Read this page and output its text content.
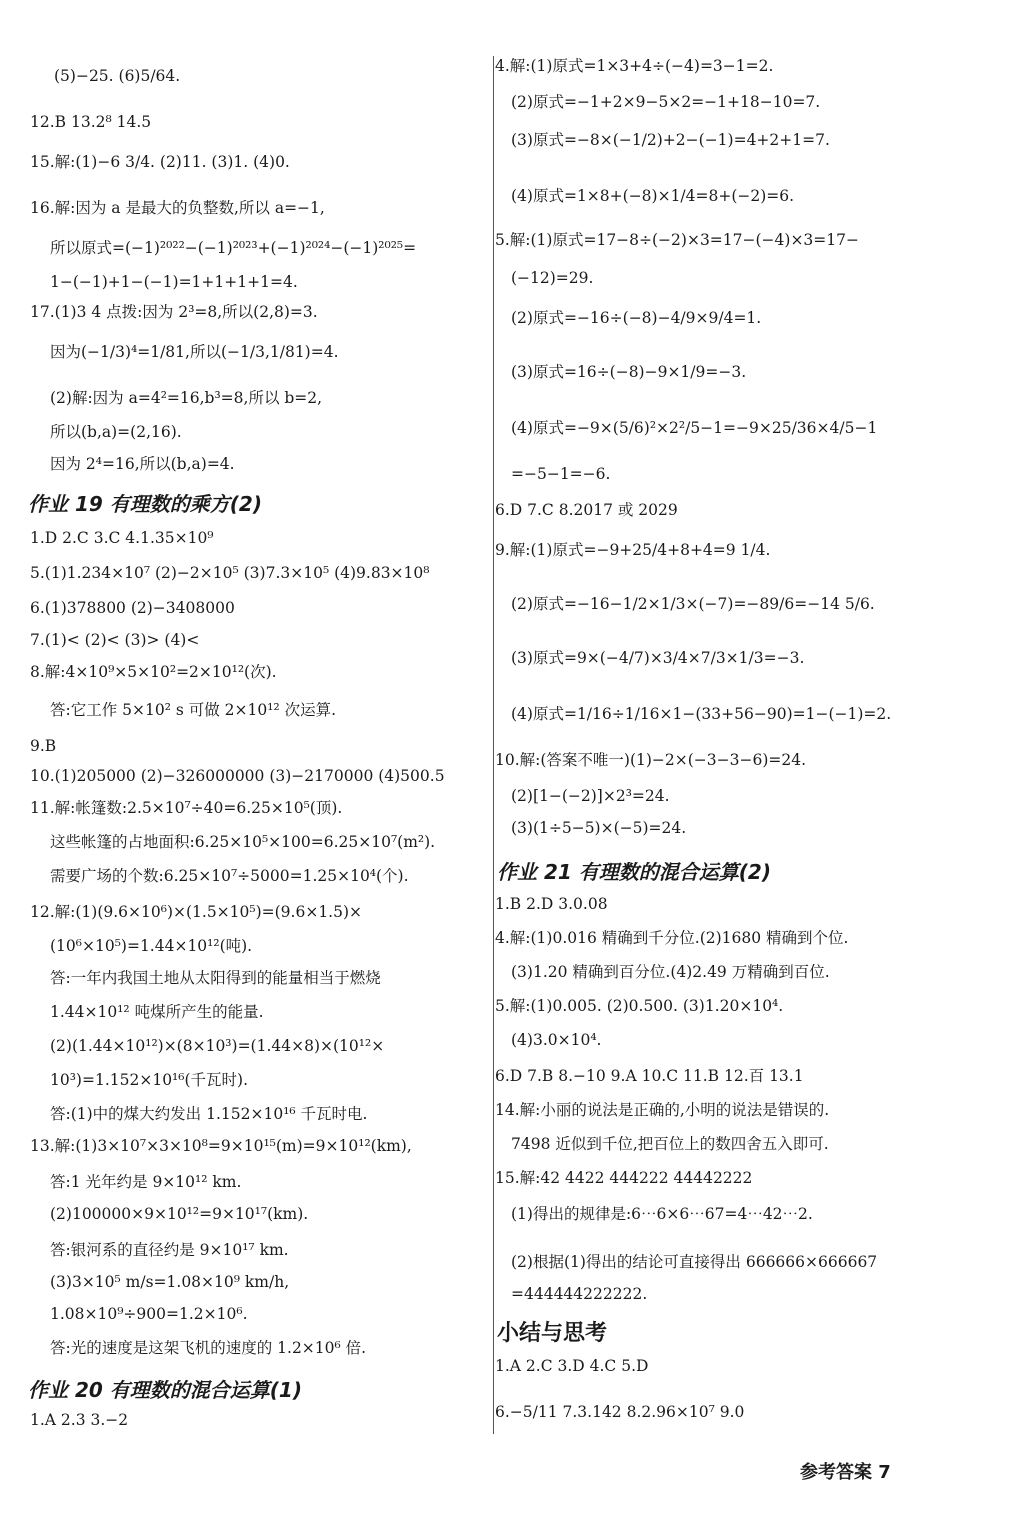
(5)−25. (6)5/64.
12.B 13.2⁸ 14.5
15.解:(1)−6 3/4. (2)11. (3)1. (4)0.
16.解:因为 a 是最大的负整数,所以 a=−1,
所以原式=(−1)²⁰²²−(−1)²⁰²³+(−1)²⁰²⁴−(−1)²⁰²⁵=
1−(−1)+1−(−1)=1+1+1+1=4.
17.(1)3 4 点拨:因为 2³=8,所以(2,8)=3.
因为(−1/3)⁴=1/81,所以(−1/3,1/81)=4.
(2)解:因为 a=4²=16,b³=8,所以 b=2,
所以(b,a)=(2,16).
因为 2⁴=16,所以(b,a)=4.
1.D 2.C 3.C 4.1.35×10⁹
5.(1)1.234×10⁷ (2)−2×10⁵ (3)7.3×10⁵ (4)9.83×10⁸
6.(1)378800 (2)−3408000
7.(1)< (2)< (3)> (4)<
8.解:4×10⁹×5×10²=2×10¹²(次).
答:它工作 5×10² s 可做 2×10¹² 次运算.
9.B
10.(1)205000 (2)−326000000 (3)−2170000 (4)500.5
11.解:帐篷数:2.5×10⁷÷40=6.25×10⁵(顶).
这些帐篷的占地面积:6.25×10⁵×100=6.25×10⁷(m²).
需要广场的个数:6.25×10⁷÷5000=1.25×10⁴(个).
12.解:(1)(9.6×10⁶)×(1.5×10⁵)=(9.6×1.5)×
(10⁶×10⁵)=1.44×10¹²(吨).
答:一年内我国土地从太阳得到的能量相当于燃烧
1.44×10¹² 吨煤所产生的能量.
(2)(1.44×10¹²)×(8×10³)=(1.44×8)×(10¹²×
10³)=1.152×10¹⁶(千瓦时).
答:(1)中的煤大约发出 1.152×10¹⁶ 千瓦时电.
13.解:(1)3×10⁷×3×10⁸=9×10¹⁵(m)=9×10¹²(km),
答:1 光年约是 9×10¹² km.
(2)100000×9×10¹²=9×10¹⁷(km).
答:银河系的直径约是 9×10¹⁷ km.
(3)3×10⁵ m/s=1.08×10⁹ km/h,
1.08×10⁹÷900=1.2×10⁶.
答:光的速度是这架飞机的速度的 1.2×10⁶ 倍.
1.A 2.3 3.−2
作业 19 有理数的乘方(2)
作业 20 有理数的混合运算(1)
4.解:(1)原式=1×3+4÷(−4)=3−1=2.
(2)原式=−1+2×9−5×2=−1+18−10=7.
(3)原式=−8×(−1/2)+2−(−1)=4+2+1=7.
(4)原式=1×8+(−8)×1/4=8+(−2)=6.
5.解:(1)原式=17−8÷(−2)×3=17−(−4)×3=17−
(−12)=29.
(2)原式=−16÷(−8)−4/9×9/4=1.
(3)原式=16÷(−8)−9×1/9=−3.
(4)原式=−9×(5/6)²×2²/5−1=−9×25/36×4/5−1
=−5−1=−6.
6.D 7.C 8.2017 或 2029
9.解:(1)原式=−9+25/4+8+4=9 1/4.
(2)原式=−16−1/2×1/3×(−7)=−89/6=−14 5/6.
(3)原式=9×(−4/7)×3/4×7/3×1/3=−3.
(4)原式=1/16÷1/16×1−(33+56−90)=1−(−1)=2.
10.解:(答案不唯一)(1)−2×(−3−3−6)=24.
(2)[1−(−2)]×2³=24.
(3)(1÷5−5)×(−5)=24.
1.B 2.D 3.0.08
4.解:(1)0.016 精确到千分位.(2)1680 精确到个位.
(3)1.20 精确到百分位.(4)2.49 万精确到百位.
5.解:(1)0.005. (2)0.500. (3)1.20×10⁴.
(4)3.0×10⁴.
6.D 7.B 8.−10 9.A 10.C 11.B 12.百 13.1
14.解:小丽的说法是正确的,小明的说法是错误的.
7498 近似到千位,把百位上的数四舍五入即可.
15.解:42 4422 444222 44442222
(1)得出的规律是:6⋯6×6⋯67=4⋯42⋯2.
(2)根据(1)得出的结论可直接得出 666666×666667
=444444222222.
1.A 2.C 3.D 4.C 5.D
6.−5/11 7.3.142 8.2.96×10⁷ 9.0
作业 21 有理数的混合运算(2)
小结与思考
参考答案 7
